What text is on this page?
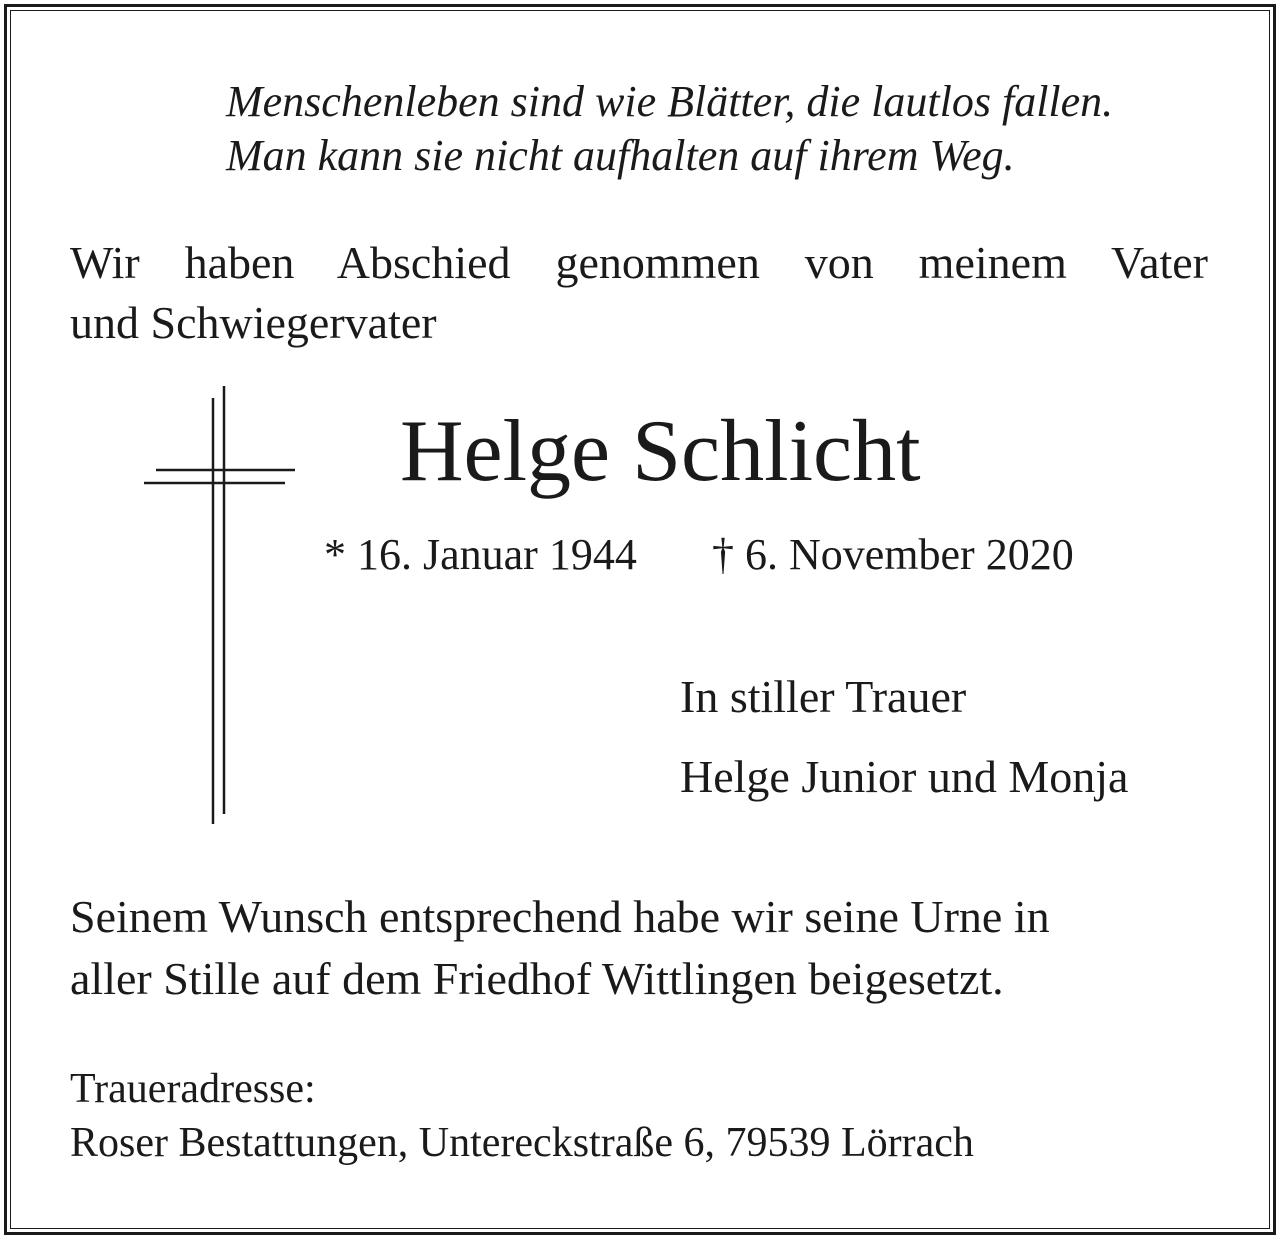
Menschenleben sind wie Blätter, die lautlos fallen.

Man kann sie nicht aufhalten auf ihrem Weg.

Wir haben Abschied genommen von meinem Vater

und Schwiegervater

Helge Schlicht

* 16. Januar 1944 † 6. November 2020

In stiller Trauer

Helge Junior und Monja

Seinem Wunsch entsprechend habe wir seine Urne in

aller Stille auf dem Friedhof Wittlingen beigesetzt.

Traueradresse:

Roser Bestattungen, Untereckstraße 6, 79539 Lörrach
